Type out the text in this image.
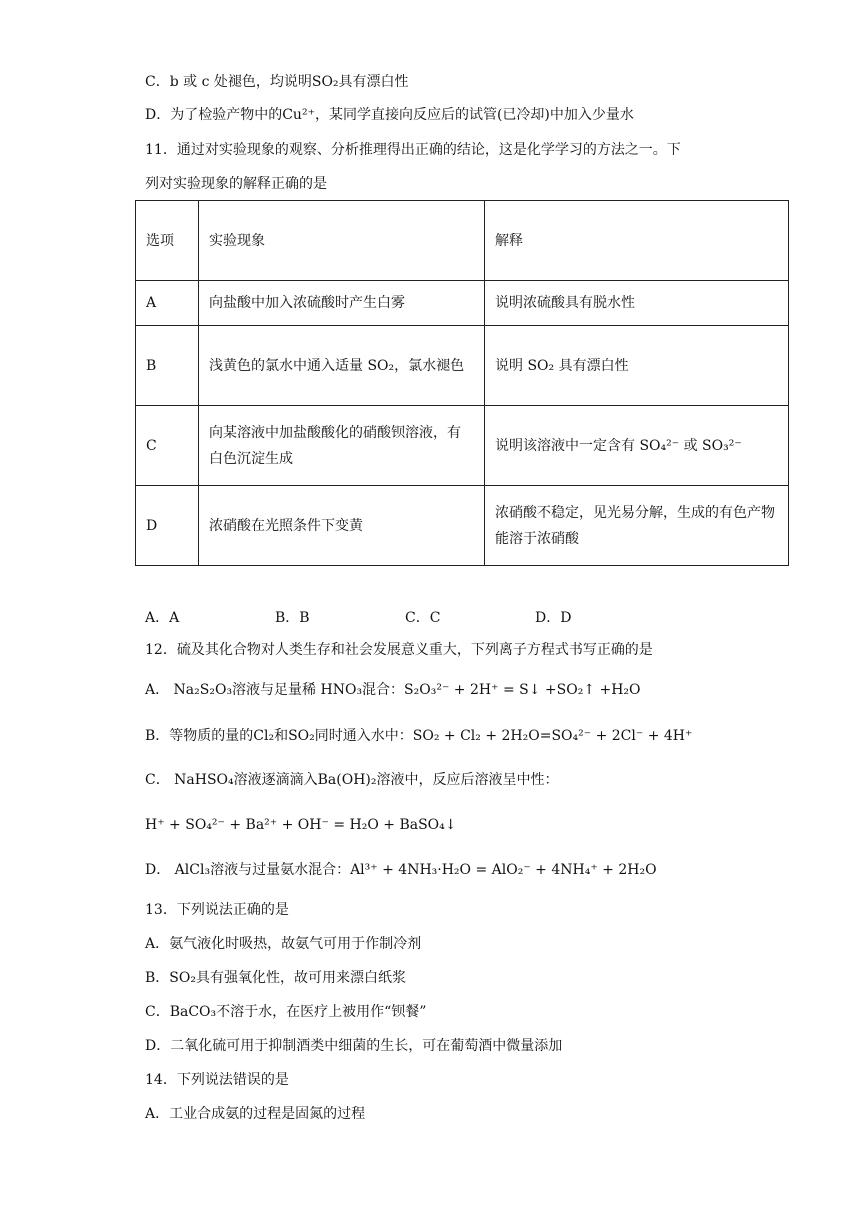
C．b 或 c 处褪色，均说明SO₂具有漂白性
D．为了检验产物中的Cu²⁺，某同学直接向反应后的试管(已冷却)中加入少量水
11．通过对实验现象的观察、分析推理得出正确的结论，这是化学学习的方法之一。下
列对实验现象的解释正确的是
选项	实验现象	解释
A	向盐酸中加入浓硫酸时产生白雾	说明浓硫酸具有脱水性
B	浅黄色的氯水中通入适量 SO₂，氯水褪色	说明 SO₂ 具有漂白性
C	向某溶液中加盐酸酸化的硝酸钡溶液，有白色沉淀生成	说明该溶液中一定含有 SO₄²⁻ 或 SO₃²⁻
D	浓硝酸在光照条件下变黄	浓硝酸不稳定，见光易分解，生成的有色产物能溶于浓硝酸
A．A	B．B	C．C	D．D
12．硫及其化合物对人类生存和社会发展意义重大，下列离子方程式书写正确的是
A． Na₂S₂O₃溶液与足量稀 HNO₃混合：S₂O₃²⁻ + 2H⁺ = S↓ +SO₂↑ +H₂O
B．等物质的量的Cl₂和SO₂同时通入水中：SO₂ + Cl₂ + 2H₂O=SO₄²⁻ + 2Cl⁻ + 4H⁺
C． NaHSO₄溶液逐滴滴入Ba(OH)₂溶液中，反应后溶液呈中性：
H⁺ + SO₄²⁻ + Ba²⁺ + OH⁻ = H₂O + BaSO₄↓
D． AlCl₃溶液与过量氨水混合：Al³⁺ + 4NH₃·H₂O = AlO₂⁻ + 4NH₄⁺ + 2H₂O
13．下列说法正确的是
A．氨气液化时吸热，故氨气可用于作制冷剂
B．SO₂具有强氧化性，故可用来漂白纸浆
C．BaCO₃不溶于水，在医疗上被用作“钡餐”
D．二氧化硫可用于抑制酒类中细菌的生长，可在葡萄酒中微量添加
14．下列说法错误的是
A．工业合成氨的过程是固氮的过程
